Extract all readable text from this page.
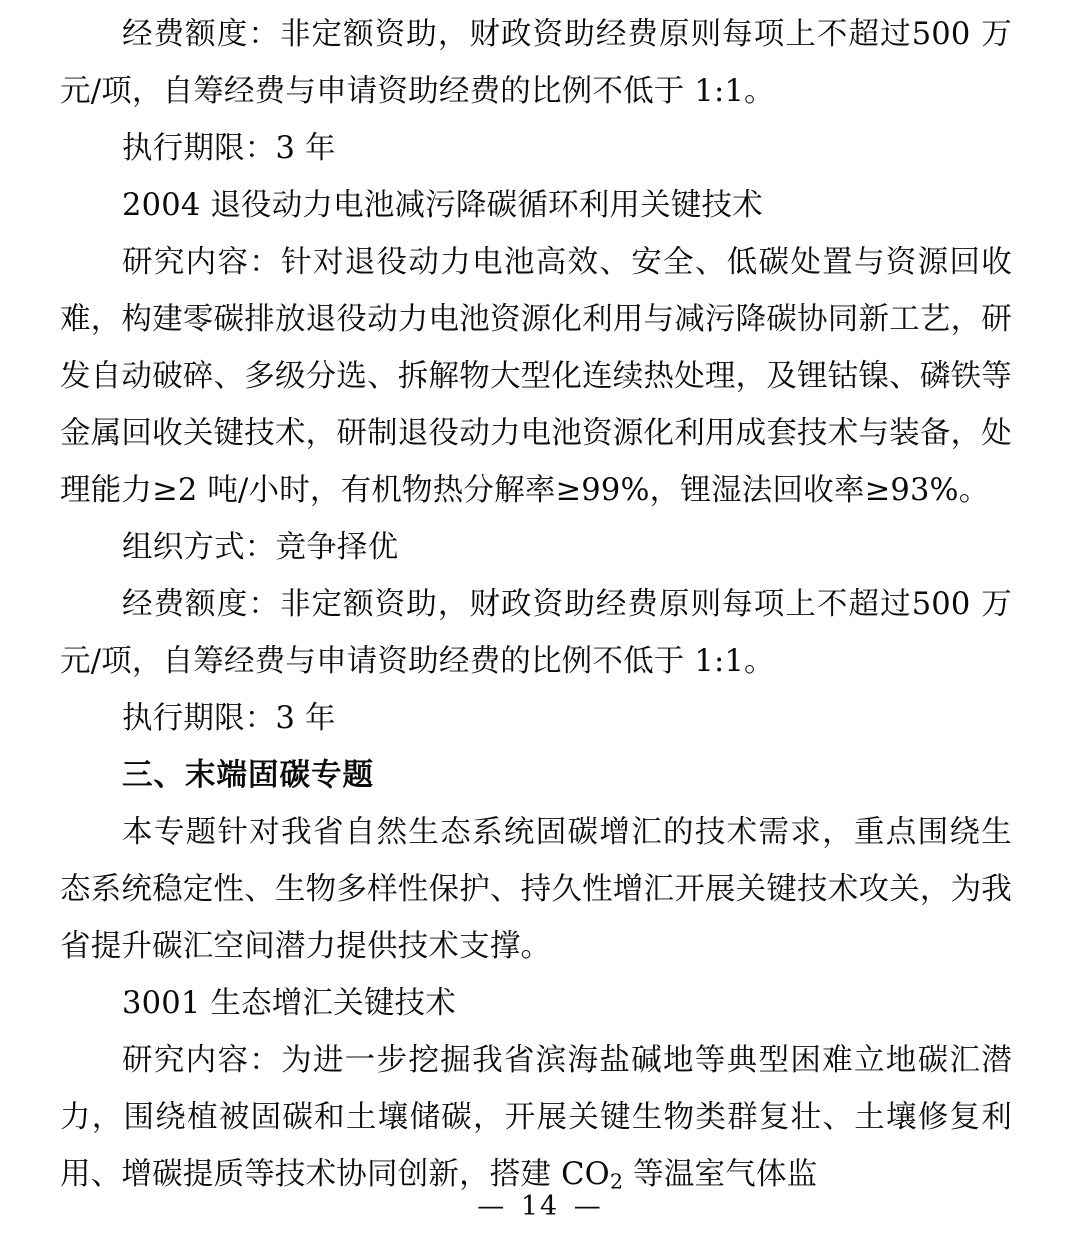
经费额度：非定额资助，财政资助经费原则每项上不超过500 万元/项，自筹经费与申请资助经费的比例不低于 1:1。

执行期限：3 年

2004 退役动力电池减污降碳循环利用关键技术

研究内容：针对退役动力电池高效、安全、低碳处置与资源回收难，构建零碳排放退役动力电池资源化利用与减污降碳协同新工艺，研发自动破碎、多级分选、拆解物大型化连续热处理，及锂钴镍、磷铁等金属回收关键技术，研制退役动力电池资源化利用成套技术与装备，处理能力≥2 吨/小时，有机物热分解率≥99%，锂湿法回收率≥93%。

组织方式：竞争择优

经费额度：非定额资助，财政资助经费原则每项上不超过500 万元/项，自筹经费与申请资助经费的比例不低于 1:1。

执行期限：3 年

三、末端固碳专题

本专题针对我省自然生态系统固碳增汇的技术需求，重点围绕生态系统稳定性、生物多样性保护、持久性增汇开展关键技术攻关，为我省提升碳汇空间潜力提供技术支撑。

3001 生态增汇关键技术

研究内容：为进一步挖掘我省滨海盐碱地等典型困难立地碳汇潜力，围绕植被固碳和土壤储碳，开展关键生物类群复壮、土壤修复利用、增碳提质等技术协同创新，搭建 $CO_2$ 等温室气体监

— 14 —
